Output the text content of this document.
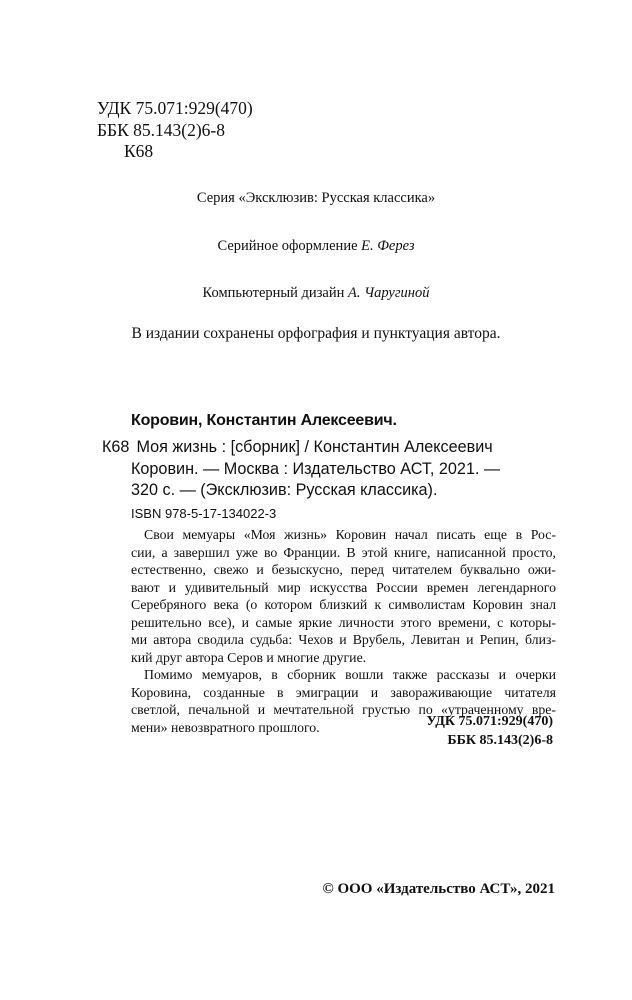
УДК 75.071:929(470)
ББК 85.143(2)6-8
К68
Серия «Эксклюзив: Русская классика»
Серийное оформление Е. Ферез
Компьютерный дизайн А. Чаругиной
В издании сохранены орфография и пунктуация автора.
Коровин, Константин Алексеевич.
К68 Моя жизнь : [сборник] / Константин Алексеевич
Коровин. — Москва : Издательство АСТ, 2021. —
320 с. — (Эксклюзив: Русская классика).
ISBN 978-5-17-134022-3
Свои мемуары «Моя жизнь» Коровин начал писать еще в Рос-
сии, а завершил уже во Франции. В этой книге, написанной просто,
естественно, свежо и безыскусно, перед читателем буквально ожи-
вают и удивительный мир искусства России времен легендарного
Серебряного века (о котором близкий к символистам Коровин знал
решительно все), и самые яркие личности этого времени, с которы-
ми автора сводила судьба: Чехов и Врубель, Левитан и Репин, близ-
кий друг автора Серов и многие другие.
Помимо мемуаров, в сборник вошли также рассказы и очерки
Коровина, созданные в эмиграции и завораживающие читателя
светлой, печальной и мечтательной грустью по «утраченному вре-
мени» невозвратного прошлого.	УДК 75.071:929(470)
ББК 85.143(2)6-8
© ООО «Издательство АСТ», 2021
